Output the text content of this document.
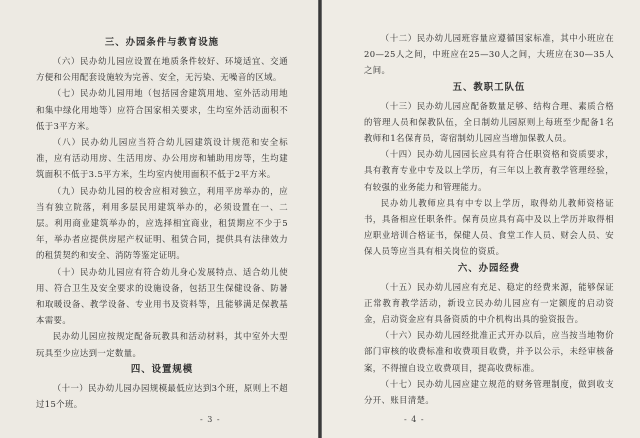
三、办园条件与教育设施

（六）民办幼儿园应设置在地质条件较好、环境适宜、交通方便和公用配套设施较为完善、安全，无污染、无噪音的区域。

（七）民办幼儿园用地（包括园舍建筑用地、室外活动用地和集中绿化用地等）应符合国家相关要求，生均室外活动面积不低于3平方米。

（八）民办幼儿园应当符合幼儿园建筑设计规范和安全标准，应有活动用房、生活用房、办公用房和辅助用房等，生均建筑面积不低于3.5平方米，生均室内使用面积不低于2平方米。

（九）民办幼儿园的校舍应相对独立，利用平房举办的，应当有独立院落，利用多层民用建筑举办的，必须设置在一、二层。利用商业建筑举办的，应选择相宜商业，租赁期应不少于5年，举办者应提供房屋产权证明、租赁合同，提供具有法律效力的租赁契约和安全、消防等鉴定证明。

（十）民办幼儿园应有符合幼儿身心发展特点、适合幼儿使用、符合卫生及安全要求的设施设备，包括卫生保健设备、防暑和取暖设备、教学设备、专业用书及资料等，且能够满足保教基本需要。

民办幼儿园应按规定配备玩教具和活动材料，其中室外大型玩具至少应达到一定数量。

四、设置规模

（十一）民办幼儿园办园规模最低应达到3个班，原则上不超过15个班。

- 3 -

（十二）民办幼儿园班容量应遵循国家标准，其中小班应在20—25人之间，中班应在25—30人之间，大班应在30—35人之间。

五、教职工队伍

（十三）民办幼儿园应配备数量足够、结构合理、素质合格的管理人员和保教队伍，全日制幼儿园原则上每班至少配备1名教师和1名保育员，寄宿制幼儿园应当增加保教人员。

（十四）民办幼儿园园长应具有符合任职资格和资质要求，具有教育专业中专及以上学历，有三年以上教育教学管理经验，有较强的业务能力和管理能力。

民办幼儿教师应具有中专以上学历，取得幼儿教师资格证书，具备相应任职条件。保育员应具有高中及以上学历并取得相应职业培训合格证书，保健人员、食堂工作人员、财会人员、安保人员等应当具有相关岗位的资质。

六、办园经费

（十五）民办幼儿园应有充足、稳定的经费来源，能够保证正常教育教学活动，新设立民办幼儿园应有一定额度的启动资金，启动资金应有具备资质的中介机构出具的验资报告。

（十六）民办幼儿园经批准正式开办以后，应当按当地物价部门审核的收费标准和收费项目收费，并予以公示，未经审核备案，不得擅自设立收费项目，提高收费标准。

（十七）民办幼儿园应建立规范的财务管理制度，做到收支分开、账目清楚。

- 4 -
